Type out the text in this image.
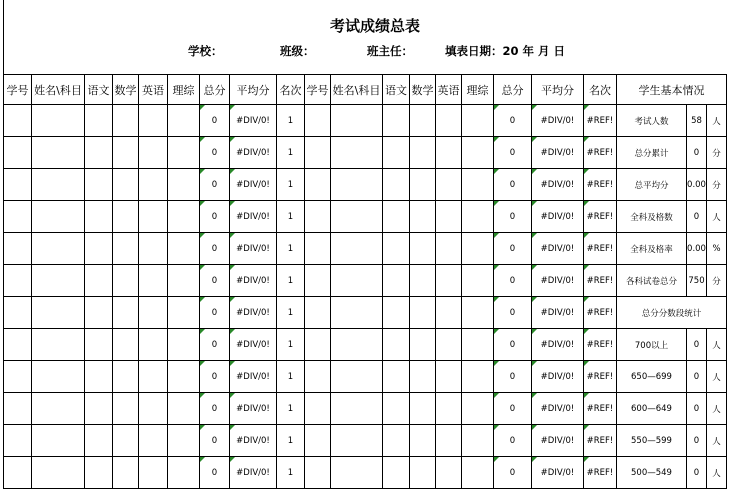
考试成绩总表
学校：	班级：	班主任：	填表日期：20 年 月 日
学号	姓名\科目	语文	数学	英语	理综	总分	平均分	名次	学号	姓名\科目	语文	数学	英语	理综	总分	平均分	名次	学生基本情况		
						0	#DIV/0!	1							0	#DIV/0!	#REF!	考试人数	58	人
						0	#DIV/0!	1							0	#DIV/0!	#REF!	总分累计	0	分
						0	#DIV/0!	1							0	#DIV/0!	#REF!	总平均分	0.00	分
						0	#DIV/0!	1							0	#DIV/0!	#REF!	全科及格数	0	人
						0	#DIV/0!	1							0	#DIV/0!	#REF!	全科及格率	0.00	%
						0	#DIV/0!	1							0	#DIV/0!	#REF!	各科试卷总分	750	分
						0	#DIV/0!	1							0	#DIV/0!	#REF!	总分分数段统计		
						0	#DIV/0!	1							0	#DIV/0!	#REF!	700以上	0	人
						0	#DIV/0!	1							0	#DIV/0!	#REF!	650—699	0	人
						0	#DIV/0!	1							0	#DIV/0!	#REF!	600—649	0	人
						0	#DIV/0!	1							0	#DIV/0!	#REF!	550—599	0	人
						0	#DIV/0!	1							0	#DIV/0!	#REF!	500—549	0	人
